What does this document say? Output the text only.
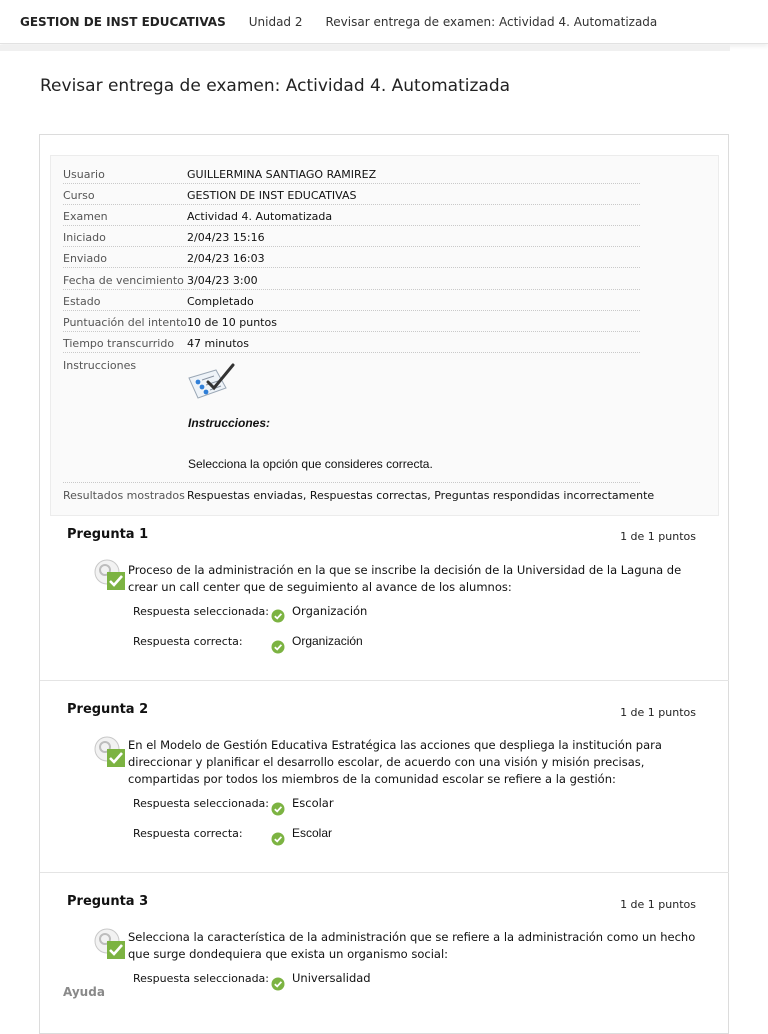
GESTION DE INST EDUCATIVAS Unidad 2 Revisar entrega de examen: Actividad 4. Automatizada
Revisar entrega de examen: Actividad 4. Automatizada
Usuario	GUILLERMINA SANTIAGO RAMIREZ
Curso	GESTION DE INST EDUCATIVAS
Examen	Actividad 4. Automatizada
Iniciado	2/04/23 15:16
Enviado	2/04/23 16:03
Fecha de vencimiento 3/04/23 3:00
Estado	Completado
Puntuación del intento 10 de 10 puntos
Tiempo transcurrido 47 minutos
Instrucciones
Instrucciones:
Selecciona la opción que consideres correcta.
Resultados mostrados Respuestas enviadas, Respuestas correctas, Preguntas respondidas incorrectamente
Pregunta 1	1 de 1 puntos
Proceso de la administración en la que se inscribe la decisión de la Universidad de la Laguna de crear un call center que de seguimiento al avance de los alumnos:
Respuesta seleccionada: Organización
Respuesta correcta:	Organización
Pregunta 2	1 de 1 puntos
En el Modelo de Gestión Educativa Estratégica las acciones que despliega la institución para direccionar y planificar el desarrollo escolar, de acuerdo con una visión y misión precisas, compartidas por todos los miembros de la comunidad escolar se refiere a la gestión:
Respuesta seleccionada: Escolar
Respuesta correcta:	Escolar
Pregunta 3	1 de 1 puntos
Selecciona la característica de la administración que se refiere a la administración como un hecho que surge dondequiera que exista un organismo social:
Respuesta seleccionada: Universalidad
Ayuda
